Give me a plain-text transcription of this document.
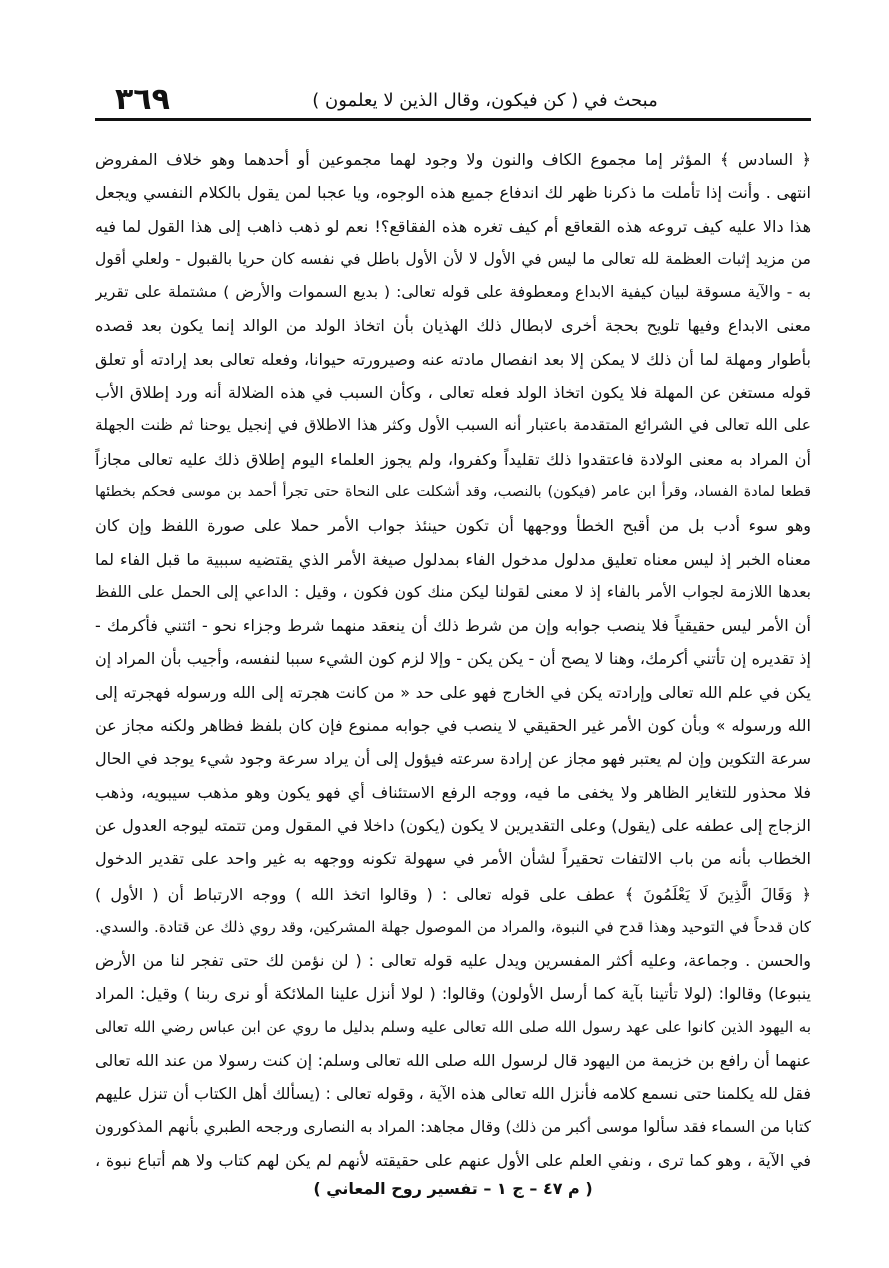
٣٦٩	مبحث في ( كن فيكون، وقال الذين لا يعلمون )
﴿ السادس ﴾ المؤثر إما مجموع الكاف والنون ولا وجود لهما مجموعين أو أحدهما وهو خلاف المفروض
انتهى . وأنت إذا تأملت ما ذكرنا ظهر لك اندفاع جميع هذه الوجوه، ويا عجبا لمن يقول بالكلام النفسي ويجعل
هذا دالا عليه كيف تروعه هذه القعاقع أم كيف تغره هذه الفقاقع؟! نعم لو ذهب ذاهب إلى هذا القول لما فيه
من مزيد إثبات العظمة لله تعالى ما ليس في الأول لا لأن الأول باطل في نفسه كان حريا بالقبول - ولعلي أقول
به - والآية مسوقة لبيان كيفية الابداع ومعطوفة على قوله تعالى: ( بديع السموات والأرض ) مشتملة على تقرير
معنى الابداع وفيها تلويح بحجة أخرى لابطال ذلك الهذيان بأن اتخاذ الولد من الوالد إنما يكون بعد قصده
بأطوار ومهلة لما أن ذلك لا يمكن إلا بعد انفصال مادته عنه وصيرورته حيوانا، وفعله تعالى بعد إرادته أو تعلق
قوله مستغن عن المهلة فلا يكون اتخاذ الولد فعله تعالى ، وكأن السبب في هذه الضلالة أنه ورد إطلاق الأب
على الله تعالى في الشرائع المتقدمة باعتبار أنه السبب الأول وكثر هذا الاطلاق في إنجيل يوحنا ثم ظنت الجهلة
أن المراد به معنى الولادة فاعتقدوا ذلك تقليداً وكفروا، ولم يجوز العلماء اليوم إطلاق ذلك عليه تعالى مجازاً
قطعا لمادة الفساد، وقرأ ابن عامر (فيكون) بالنصب، وقد أشكلت على النحاة حتى تجرأ أحمد بن موسى فحكم بخطئها
وهو سوء أدب بل من أقبح الخطأ ووجهها أن تكون حينئذ جواب الأمر حملا على صورة اللفظ وإن كان
معناه الخبر إذ ليس معناه تعليق مدلول مدخول الفاء بمدلول صيغة الأمر الذي يقتضيه سببية ما قبل الفاء لما
بعدها اللازمة لجواب الأمر بالفاء إذ لا معنى لقولنا ليكن منك كون فكون ، وقيل : الداعي إلى الحمل على اللفظ
أن الأمر ليس حقيقياً فلا ينصب جوابه وإن من شرط ذلك أن ينعقد منهما شرط وجزاء نحو - ائتني فأكرمك -
إذ تقديره إن تأتني أكرمك، وهنا لا يصح أن - يكن يكن - وإلا لزم كون الشيء سببا لنفسه، وأجيب بأن المراد إن
يكن في علم الله تعالى وإرادته يكن في الخارج فهو على حد « من كانت هجرته إلى الله ورسوله فهجرته إلى
الله ورسوله » وبأن كون الأمر غير الحقيقي لا ينصب في جوابه ممنوع فإن كان بلفظ فظاهر ولكنه مجاز عن
سرعة التكوين وإن لم يعتبر فهو مجاز عن إرادة سرعته فيؤول إلى أن يراد سرعة وجود شيء يوجد في الحال
فلا محذور للتغاير الظاهر ولا يخفى ما فيه، ووجه الرفع الاستئناف أي فهو يكون وهو مذهب سيبويه، وذهب
الزجاج إلى عطفه على (يقول) وعلى التقديرين لا يكون (يكون) داخلا في المقول ومن تتمته ليوجه العدول عن
الخطاب بأنه من باب الالتفات تحقيراً لشأن الأمر في سهولة تكونه ووجهه به غير واحد على تقدير الدخول
﴿ وَقَالَ الَّذِينَ لَا يَعْلَمُونَ ﴾ عطف على قوله تعالى : ( وقالوا اتخذ الله ) ووجه الارتباط أن ( الأول )
كان قدحاً في التوحيد وهذا قدح في النبوة، والمراد من الموصول جهلة المشركين، وقد روي ذلك عن قتادة. والسدي.
والحسن . وجماعة، وعليه أكثر المفسرين ويدل عليه قوله تعالى : ( لن نؤمن لك حتى تفجر لنا من الأرض
ينبوعا) وقالوا: (لولا تأتينا بآية كما أرسل الأولون) وقالوا: ( لولا أنزل علينا الملائكة أو نرى ربنا ) وقيل: المراد
به اليهود الذين كانوا على عهد رسول الله صلى الله تعالى عليه وسلم بدليل ما روي عن ابن عباس رضي الله تعالى
عنهما أن رافع بن خزيمة من اليهود قال لرسول الله صلى الله تعالى وسلم: إن كنت رسولا من عند الله تعالى
فقل لله يكلمنا حتى نسمع كلامه فأنزل الله تعالى هذه الآية ، وقوله تعالى : (يسألك أهل الكتاب أن تنزل عليهم
كتابا من السماء فقد سألوا موسى أكبر من ذلك) وقال مجاهد: المراد به النصارى ورجحه الطبري بأنهم المذكورون
في الآية ، وهو كما ترى ، ونفي العلم على الأول عنهم على حقيقته لأنهم لم يكن لهم كتاب ولا هم أتباع نبوة ،
( م ٤٧ – ج ١ – تفسير روح المعاني )
